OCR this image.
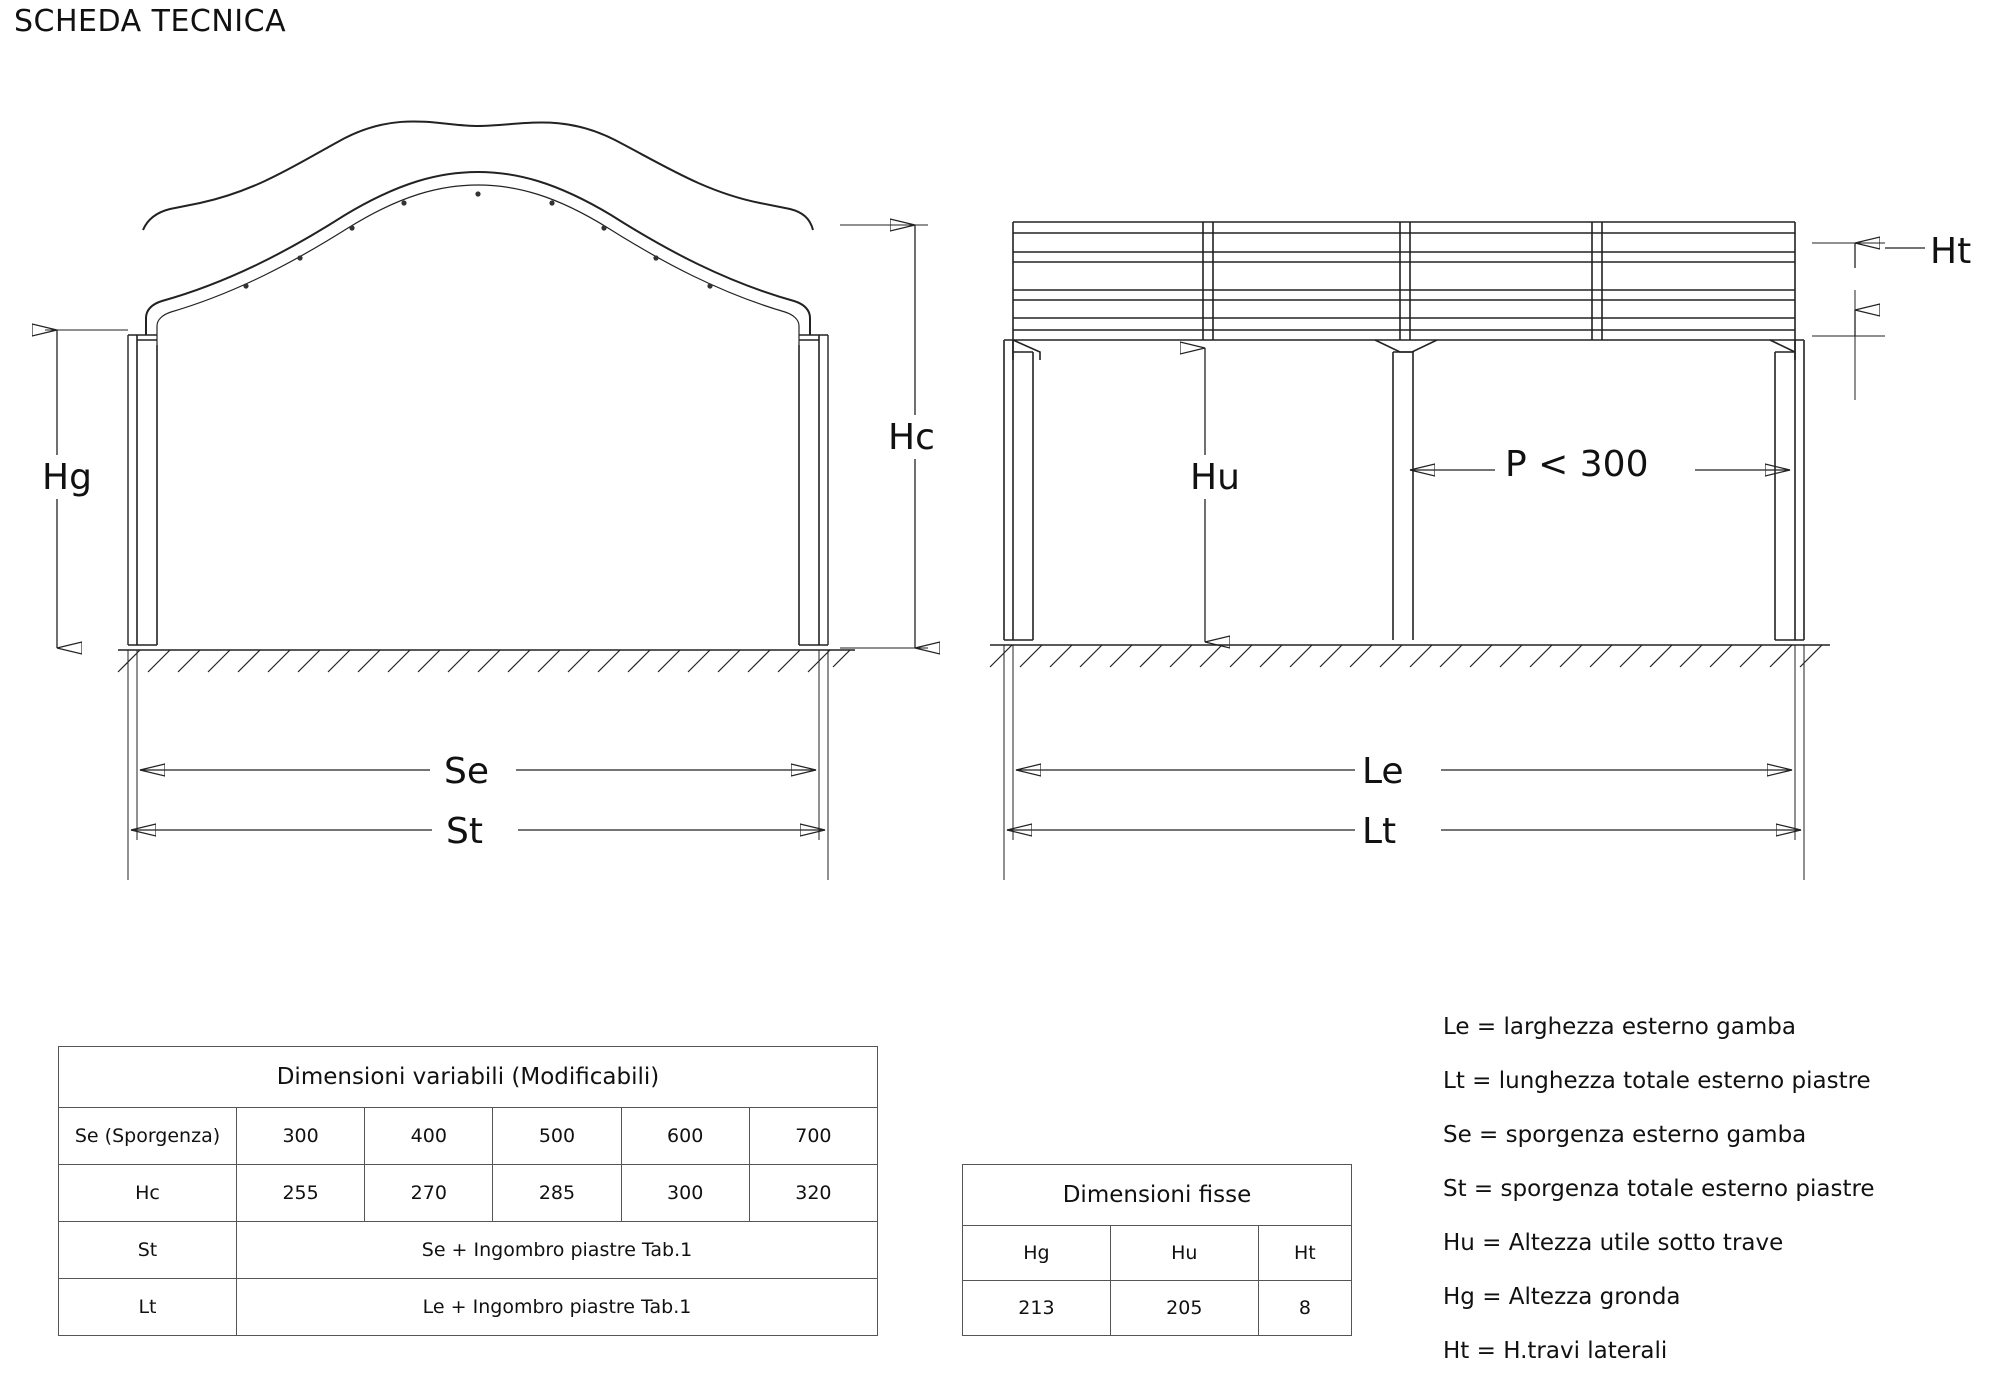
SCHEDA TECNICA
Hg
Hc
Se
St
Hu	P < 300
Le
Lt
Ht
Dimensioni variabili (Modificabili)					
Se (Sporgenza)	300	400	500	600	700
Hc	255	270	285	300	320
St	Se + Ingombro piastre Tab.1				
Lt	Le + Ingombro piastre Tab.1				
Dimensioni fisse		
Hg	Hu	Ht
213	205	8
Le = larghezza esterno gamba
Lt = lunghezza totale esterno piastre
Se = sporgenza esterno gamba
St = sporgenza totale esterno piastre
Hu = Altezza utile sotto trave
Hg = Altezza gronda
Ht = H.travi laterali
